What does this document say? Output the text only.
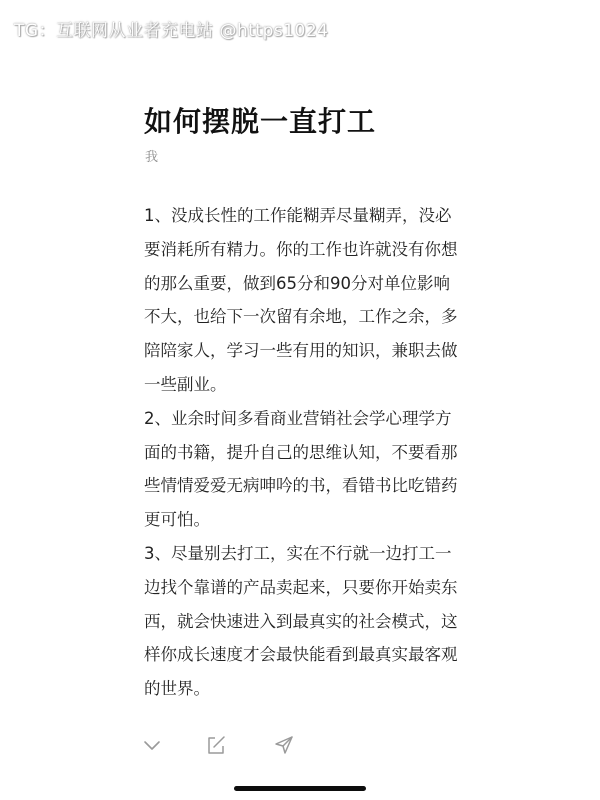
TG：互联网从业者充电站 @https1024
如何摆脱一直打工
我

1、没成长性的工作能糊弄尽量糊弄，没必要消耗所有精力。你的工作也许就没有你想的那么重要，做到65分和90分对单位影响不大，也给下一次留有余地，工作之余，多陪陪家人，学习一些有用的知识，兼职去做一些副业。

2、业余时间多看商业营销社会学心理学方面的书籍，提升自己的思维认知，不要看那些情情爱爱无病呻吟的书，看错书比吃错药更可怕。

3、尽量别去打工，实在不行就一边打工一边找个靠谱的产品卖起来，只要你开始卖东西，就会快速进入到最真实的社会模式，这样你成长速度才会最快能看到最真实最客观的世界。
